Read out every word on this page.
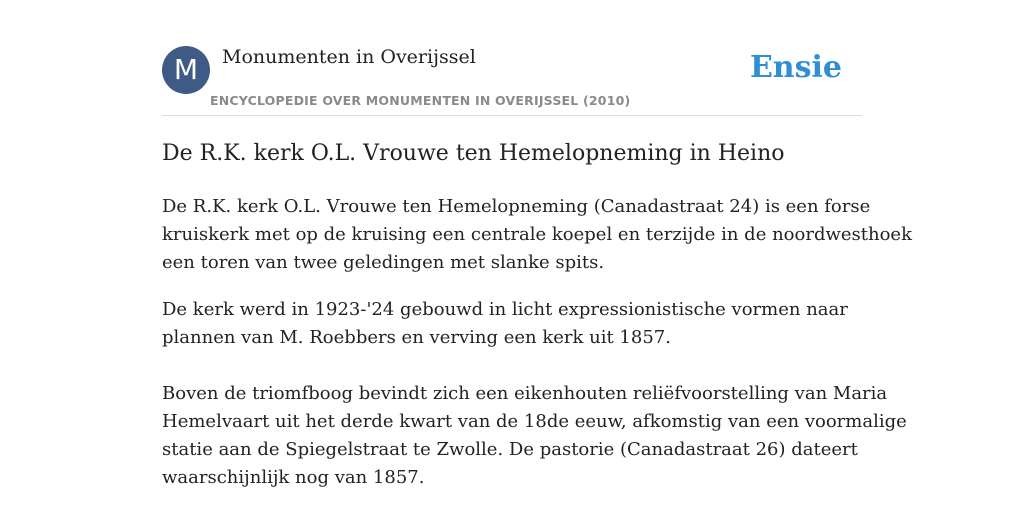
M	Monumenten in Overijssel
ENCYCLOPEDIE OVER MONUMENTEN IN OVERIJSSEL (2010)
Ensie
De R.K. kerk O.L. Vrouwe ten Hemelopneming in Heino

De R.K. kerk O.L. Vrouwe ten Hemelopneming (Canadastraat 24) is een forse
kruiskerk met op de kruising een centrale koepel en terzijde in de noordwesthoek
een toren van twee geledingen met slanke spits.

De kerk werd in 1923-'24 gebouwd in licht expressionistische vormen naar
plannen van M. Roebbers en verving een kerk uit 1857.

Boven de triomfboog bevindt zich een eikenhouten reliëfvoorstelling van Maria
Hemelvaart uit het derde kwart van de 18de eeuw, afkomstig van een voormalige
statie aan de Spiegelstraat te Zwolle. De pastorie (Canadastraat 26) dateert
waarschijnlijk nog van 1857.
